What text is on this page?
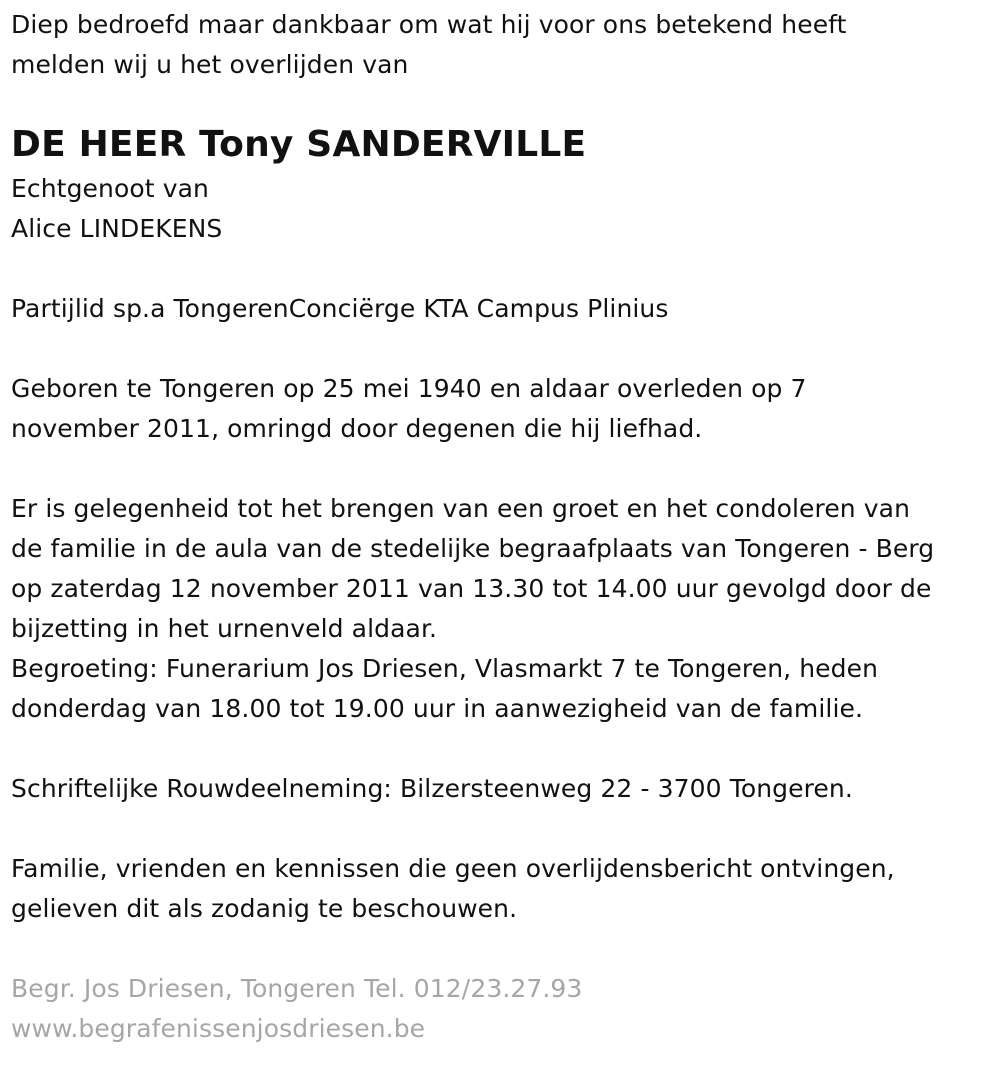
Diep bedroefd maar dankbaar om wat hij voor ons betekend heeft
melden wij u het overlijden van
DE HEER Tony SANDERVILLE
Echtgenoot van
Alice LINDEKENS
Partijlid sp.a TongerenConciërge KTA Campus Plinius
Geboren te Tongeren op 25 mei 1940 en aldaar overleden op 7
november 2011, omringd door degenen die hij liefhad.
Er is gelegenheid tot het brengen van een groet en het condoleren van
de familie in de aula van de stedelijke begraafplaats van Tongeren - Berg
op zaterdag 12 november 2011 van 13.30 tot 14.00 uur gevolgd door de
bijzetting in het urnenveld aldaar.
Begroeting: Funerarium Jos Driesen, Vlasmarkt 7 te Tongeren, heden
donderdag van 18.00 tot 19.00 uur in aanwezigheid van de familie.
Schriftelijke Rouwdeelneming: Bilzersteenweg 22 - 3700 Tongeren.
Familie, vrienden en kennissen die geen overlijdensbericht ontvingen,
gelieven dit als zodanig te beschouwen.
Begr. Jos Driesen, Tongeren Tel. 012/23.27.93
www.begrafenissenjosdriesen.be
